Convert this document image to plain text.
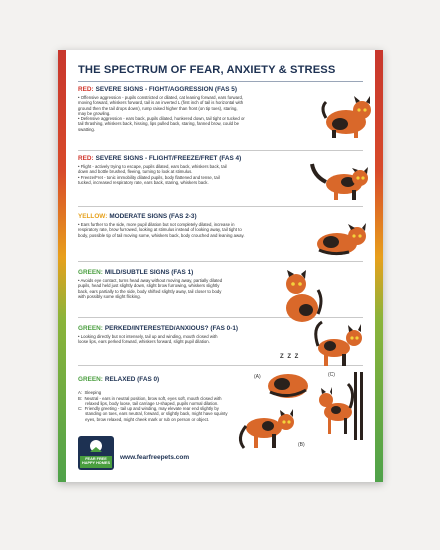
THE SPECTRUM OF FEAR, ANXIETY & STRESS
RED: SEVERE SIGNS - FIGHT/AGGRESSION (FAS 5)

• Offensive aggression - pupils constricted or dilated, cat leaning forward, ears forward,
moving forward, whiskers forward, tail is an inverted L (first inch of tail is horizontal with
ground then the tail drops down), rump raised higher than front (on tip toes), staring,
may be growling.
• Defensive aggression - ears back, pupils dilated, hunkered down, tail tight or tucked or
tail thrashing, whiskers back, hissing, lips pulled back, staring, fanned brow, could be
swatting.

RED: SEVERE SIGNS - FLIGHT/FREEZE/FRET (FAS 4)

• Flight - actively trying to escape, pupils dilated, ears back, whiskers back, tail
down and bottle brushed, fleeing, turning to look at stimulus.
• Freeze/Fret - tonic immobility dilated pupils, body flattened and tense, tail
tucked, increased respiratory rate, ears back, staring, whiskers back.

YELLOW: MODERATE SIGNS (FAS 2-3)

• Ears further to the side, more pupil dilation but not completely dilated, increase in
respiratory rate, brow furrowed, looking at stimulus instead of looking away, tail tight to
body, possible tip of tail moving some, whiskers back, body crouched and leaning away.

GREEN: MILD/SUBTLE SIGNS (FAS 1)

• Avoids eye contact, turns head away without moving away, partially dilated
pupils, head held just slightly down, slight brow furrowing, whiskers slightly
back, ears partially to the side, body shifted slightly away, tail closer to body
with possibly some slight flicking.

GREEN: PERKED/INTERESTED/ANXIOUS? (FAS 0-1)

• Looking directly but not intensely, tail up and winding, mouth closed with
loose lips, ears perked forward, whiskers forward, slight pupil dilation.

GREEN: RELAXED (FAS 0)

A:  Sleeping
B:  Neutral - ears in neutral position, brow soft, eyes soft, mouth closed with
relaxed lips, body loose, tail carriage U-shaped, pupils normal dilation.
C:  Friendly greeting - tail up and winding, may elevate rear end slightly by
standing on toes, ears neutral, forward, or slightly back, might have squinty
eyes, brow relaxed, might cheek mark or rub on person or object.

(A)
Z Z Z
(C)
(B)
FEAR FREE
HAPPY HOMES
www.fearfreepets.com
